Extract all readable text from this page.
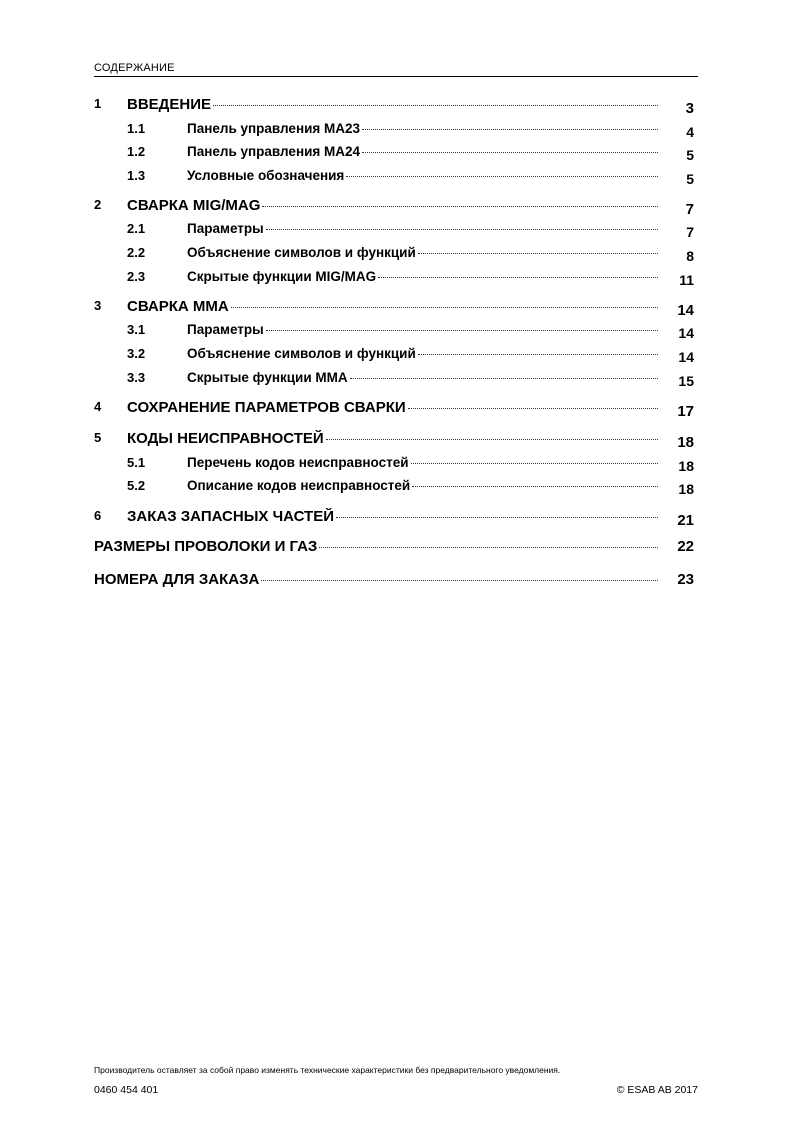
СОДЕРЖАНИЕ
1 ВВЕДЕНИЕ	3
1.1	Панель управления MA23	4
1.2	Панель управления MA24	5
1.3	Условные обозначения	5
2 СВАРКА MIG/MAG	7
2.1	Параметры	7
2.2	Объяснение символов и функций	8
2.3	Скрытые функции MIG/MAG	11
3 СВАРКА MMA	14
3.1	Параметры	14
3.2	Объяснение символов и функций	14
3.3	Скрытые функции MMA	15
4 СОХРАНЕНИЕ ПАРАМЕТРОВ СВАРКИ	17
5 КОДЫ НЕИСПРАВНОСТЕЙ	18
5.1	Перечень кодов неисправностей	18
5.2	Описание кодов неисправностей	18
6 ЗАКАЗ ЗАПАСНЫХ ЧАСТЕЙ	21
РАЗМЕРЫ ПРОВОЛОКИ И ГАЗ	22
НОМЕРА ДЛЯ ЗАКАЗА	23
Производитель оставляет за собой право изменять технические характеристики без предварительного уведомления.
0460 454 401	© ESAB AB 2017
